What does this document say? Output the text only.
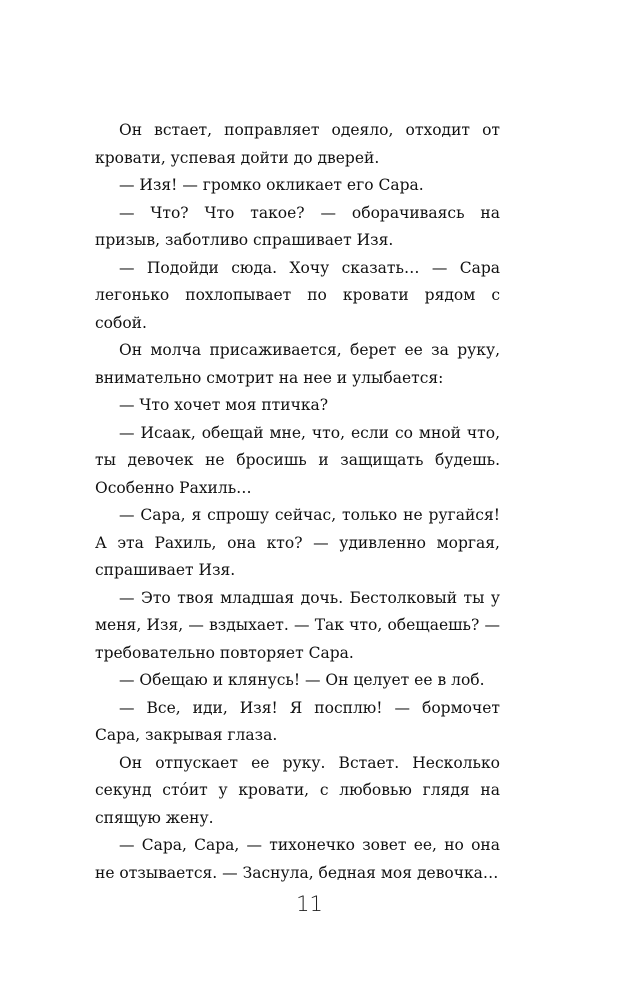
Он встает, поправляет одеяло, отходит от кровати, успевая дойти до дверей.

— Изя! — громко окликает его Сара.

— Что? Что такое? — оборачиваясь на призыв, заботливо спрашивает Изя.

— Подойди сюда. Хочу сказать… — Сара легонько похлопывает по кровати рядом с собой.

Он молча присаживается, берет ее за руку, внимательно смотрит на нее и улыбается:

— Что хочет моя птичка?

— Исаак, обещай мне, что, если со мной что, ты девочек не бросишь и защищать будешь. Особенно Рахиль…

— Сара, я спрошу сейчас, только не ругайся! А эта Рахиль, она кто? — удивленно моргая, спрашивает Изя.

— Это твоя младшая дочь. Бестолковый ты у меня, Изя, — вздыхает. — Так что, обещаешь? — требовательно повторяет Сара.

— Обещаю и клянусь! — Он целует ее в лоб.

— Все, иди, Изя! Я посплю! — бормочет Сара, закрывая глаза.

Он отпускает ее руку. Встает. Несколько секунд сто́ит у кровати, с любовью глядя на спящую жену.

— Сара, Сара, — тихонечко зовет ее, но она не отзывается. — Заснула, бедная моя девочка…

11
